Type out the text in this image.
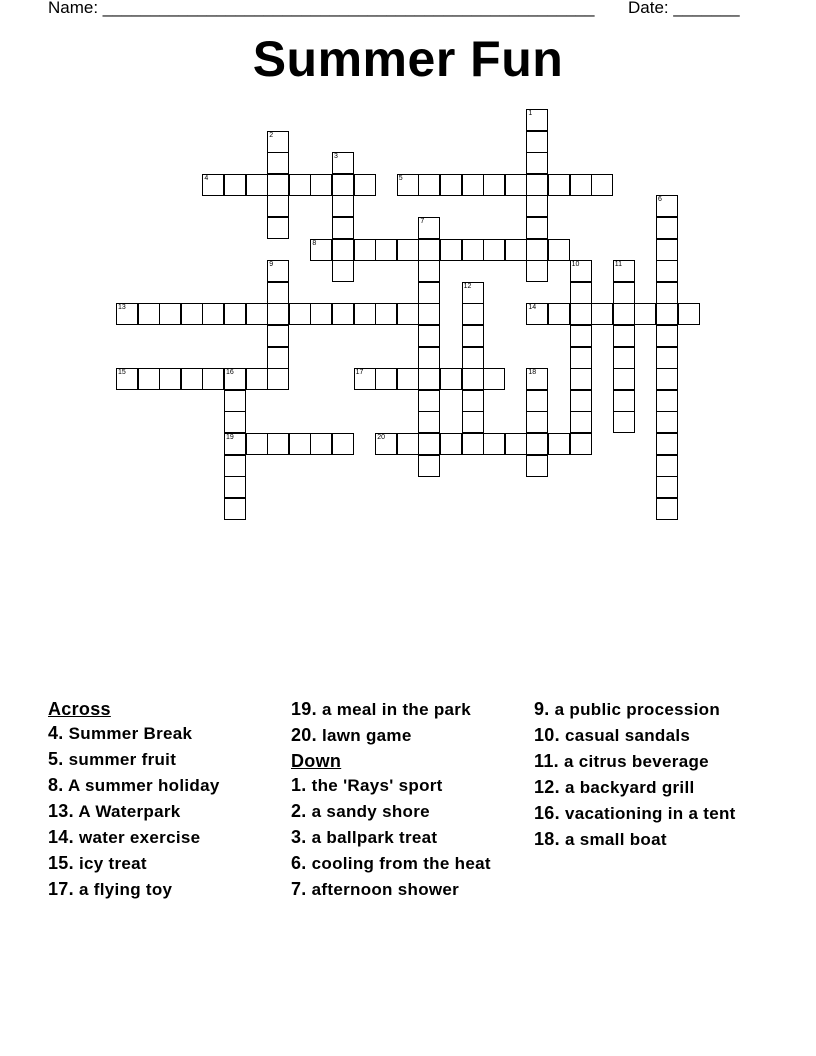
Name: ____________________________________________________ Date: _______
Summer Fun
4	5
8
13	14
15	16	17
19	20
1
2
3
6
7
9	10	11
12
18
Across
4. Summer Break
5. summer fruit
8. A summer holiday
13. A Waterpark
14. water exercise
15. icy treat
17. a flying toy
19. a meal in the park
20. lawn game
Down
1. the 'Rays' sport
2. a sandy shore
3. a ballpark treat
6. cooling from the heat
7. afternoon shower
9. a public procession
10. casual sandals
11. a citrus beverage
12. a backyard grill
16. vacationing in a tent
18. a small boat
